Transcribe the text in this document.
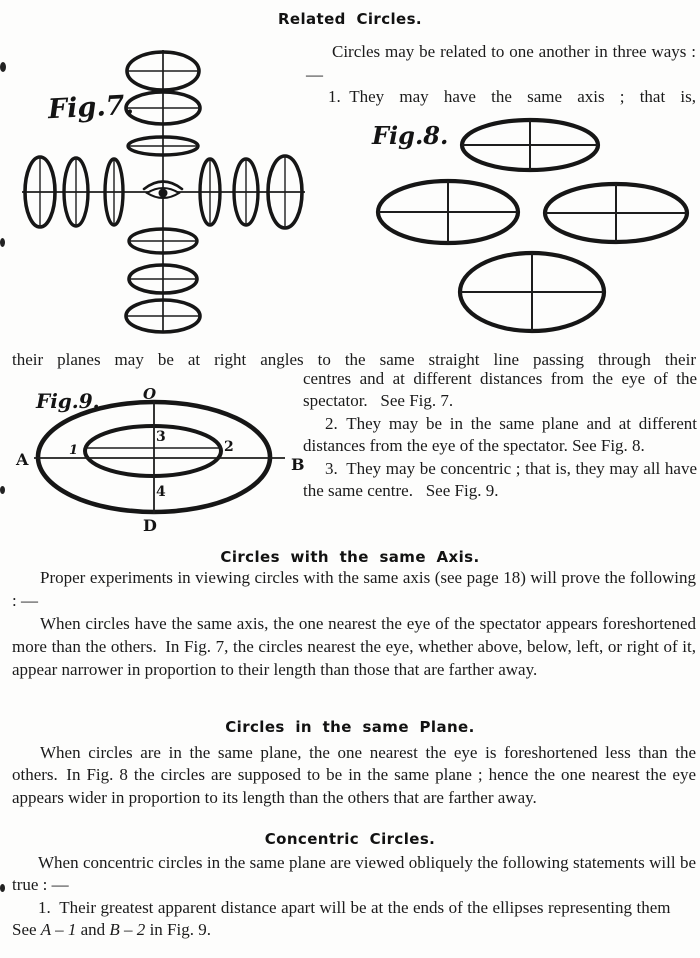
Related Circles.
Circles may be related to one another in three ways : —
1. They may have the same axis ; that is,
Fig.7.
Fig.8.
their planes may be at right angles to the same straight line passing through their
Fig.9.	O
D
A	B
3
4
1	2

centres and at different distances from the eye of the spectator.  See Fig. 7.

2. They may be in the same plane and at different distances from the eye of the spectator. See Fig. 8.

3. They may be concentric ; that is, they may all have the same centre.  See Fig. 9.

Circles with the same Axis.

Proper experiments in viewing circles with the same axis (see page 18) will prove the following : —

When circles have the same axis, the one nearest the eye of the spectator appears foreshortened more than the others. In Fig. 7, the circles nearest the eye, whether above, below, left, or right of it, appear narrower in proportion to their length than those that are farther away.

Circles in the same Plane.

When circles are in the same plane, the one nearest the eye is foreshortened less than the others. In Fig. 8 the circles are supposed to be in the same plane ; hence the one nearest the eye appears wider in proportion to its length than the others that are farther away.

Concentric Circles.

When concentric circles in the same plane are viewed obliquely the following statements will be true : —

1. Their greatest apparent distance apart will be at the ends of the ellipses representing them  See A – 1 and B – 2 in Fig. 9.
